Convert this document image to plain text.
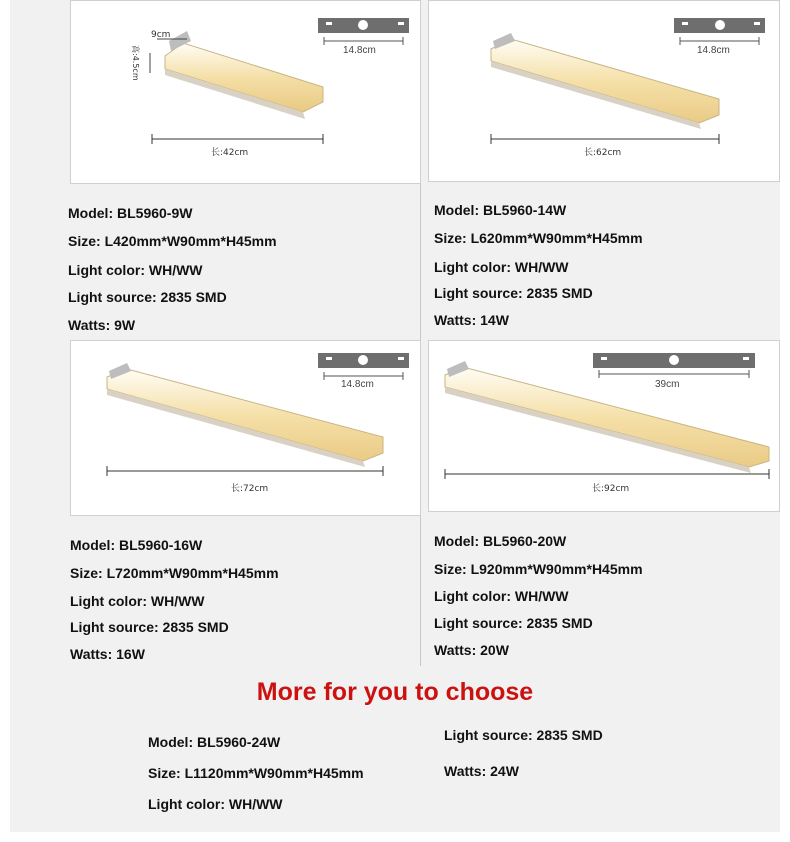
9cm
高:4.5cm	14.8cm
长:42cm
14.8cm
长:62cm
Model: BL5960-9W
Size: L420mm*W90mm*H45mm
Light color: WH/WW
Light source: 2835 SMD
Watts: 9W
Model: BL5960-14W
Size: L620mm*W90mm*H45mm
Light color: WH/WW
Light source: 2835 SMD
Watts: 14W
14.8cm
长:72cm
39cm
长:92cm
Model: BL5960-16W
Size: L720mm*W90mm*H45mm
Light color: WH/WW
Light source: 2835 SMD
Watts: 16W
Model: BL5960-20W
Size: L920mm*W90mm*H45mm
Light color: WH/WW
Light source: 2835 SMD
Watts: 20W
More for you to choose
Model: BL5960-24W
Size: L1120mm*W90mm*H45mm
Light color: WH/WW
Light source: 2835 SMD
Watts: 24W
